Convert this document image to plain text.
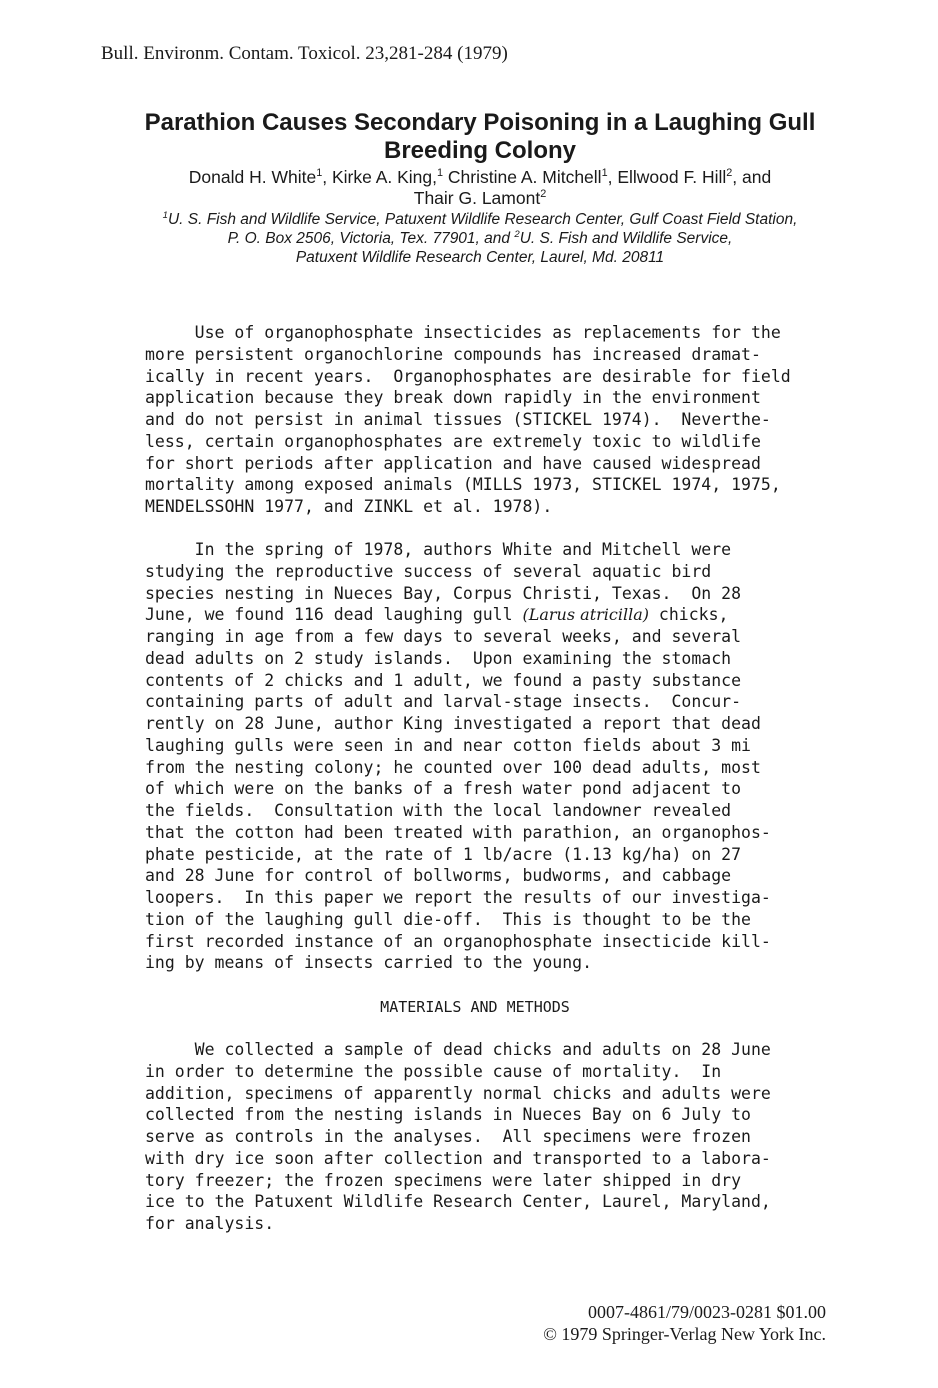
Bull. Environm. Contam. Toxicol. 23,281-284 (1979)
Parathion Causes Secondary Poisoning in a Laughing Gull
Breeding Colony
Donald H. White$^1$, Kirke A. King,$^1$ Christine A. Mitchell$^1$, Ellwood F. Hill$^2$, and
Thair G. Lamont$^2$
$^1$U. S. Fish and Wildlife Service, Patuxent Wildlife Research Center, Gulf Coast Field Station,
P. O. Box 2506, Victoria, Tex. 77901, and $^2$U. S. Fish and Wildlife Service,
Patuxent Wildlife Research Center, Laurel, Md. 20811
Use of organophosphate insecticides as replacements for the
more persistent organochlorine compounds has increased dramat-
ically in recent years.  Organophosphates are desirable for field
application because they break down rapidly in the environment
and do not persist in animal tissues (STICKEL 1974).  Neverthe-
less, certain organophosphates are extremely toxic to wildlife
for short periods after application and have caused widespread
mortality among exposed animals (MILLS 1973, STICKEL 1974, 1975,
MENDELSSOHN 1977, and ZINKL et al. 1978).
In the spring of 1978, authors White and Mitchell were
studying the reproductive success of several aquatic bird
species nesting in Nueces Bay, Corpus Christi, Texas.  On 28
June, we found 116 dead laughing gull (Larus atricilla) chicks,
ranging in age from a few days to several weeks, and several
dead adults on 2 study islands.  Upon examining the stomach
contents of 2 chicks and 1 adult, we found a pasty substance
containing parts of adult and larval-stage insects.  Concur-
rently on 28 June, author King investigated a report that dead
laughing gulls were seen in and near cotton fields about 3 mi
from the nesting colony; he counted over 100 dead adults, most
of which were on the banks of a fresh water pond adjacent to
the fields.  Consultation with the local landowner revealed
that the cotton had been treated with parathion, an organophos-
phate pesticide, at the rate of 1 lb/acre (1.13 kg/ha) on 27
and 28 June for control of bollworms, budworms, and cabbage
loopers.  In this paper we report the results of our investiga-
tion of the laughing gull die-off.  This is thought to be the
first recorded instance of an organophosphate insecticide kill-
ing by means of insects carried to the young.
MATERIALS AND METHODS
We collected a sample of dead chicks and adults on 28 June
in order to determine the possible cause of mortality.  In
addition, specimens of apparently normal chicks and adults were
collected from the nesting islands in Nueces Bay on 6 July to
serve as controls in the analyses.  All specimens were frozen
with dry ice soon after collection and transported to a labora-
tory freezer; the frozen specimens were later shipped in dry
ice to the Patuxent Wildlife Research Center, Laurel, Maryland,
for analysis.
0007-4861/79/0023-0281 $01.00
© 1979 Springer-Verlag New York Inc.
